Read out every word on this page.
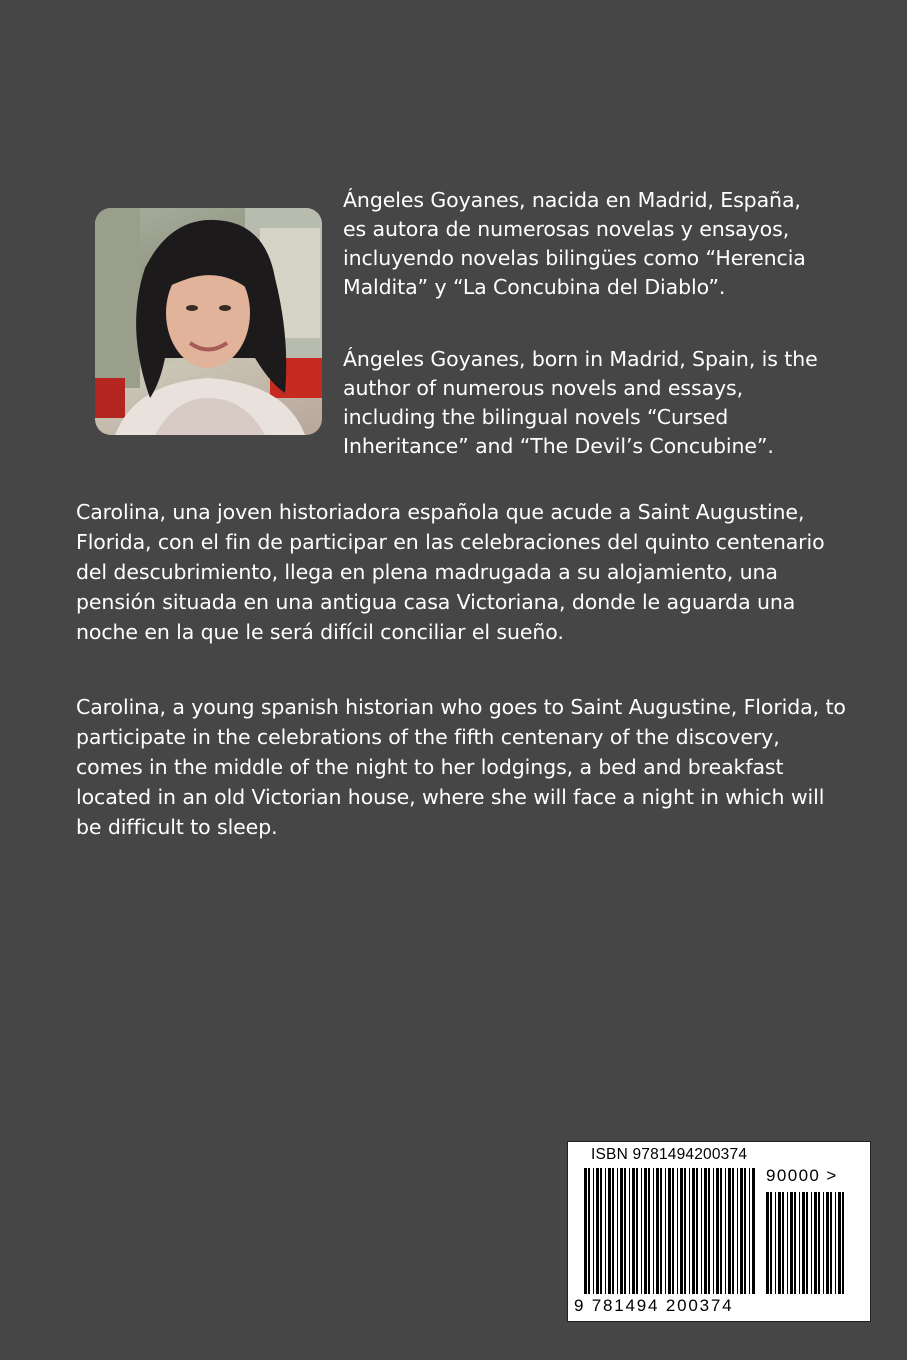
Ángeles Goyanes, nacida en Madrid, España, es autora de numerosas novelas y ensayos, incluyendo novelas bilingües como “Herencia Maldita” y “La Concubina del Diablo”.

Ángeles Goyanes, born in Madrid, Spain, is the author of numerous novels and essays, including the bilingual novels “Cursed Inheritance” and “The Devil’s Concubine”.

Carolina, una joven historiadora española que acude a Saint Augustine, Florida, con el fin de participar en las celebraciones del quinto centenario del descubrimiento, llega en plena madrugada a su alojamiento, una pensión situada en una antigua casa Victoriana, donde le aguarda una noche en la que le será difícil conciliar el sueño.

Carolina, a young spanish historian who goes to Saint Augustine, Florida, to participate in the celebrations of the fifth centenary of the discovery, comes in the middle of the night to her lodgings, a bed and breakfast located in an old Victorian house, where she will face a night in which will be difficult to sleep.

ISBN 9781494200374
90000 >
9 781494 200374
